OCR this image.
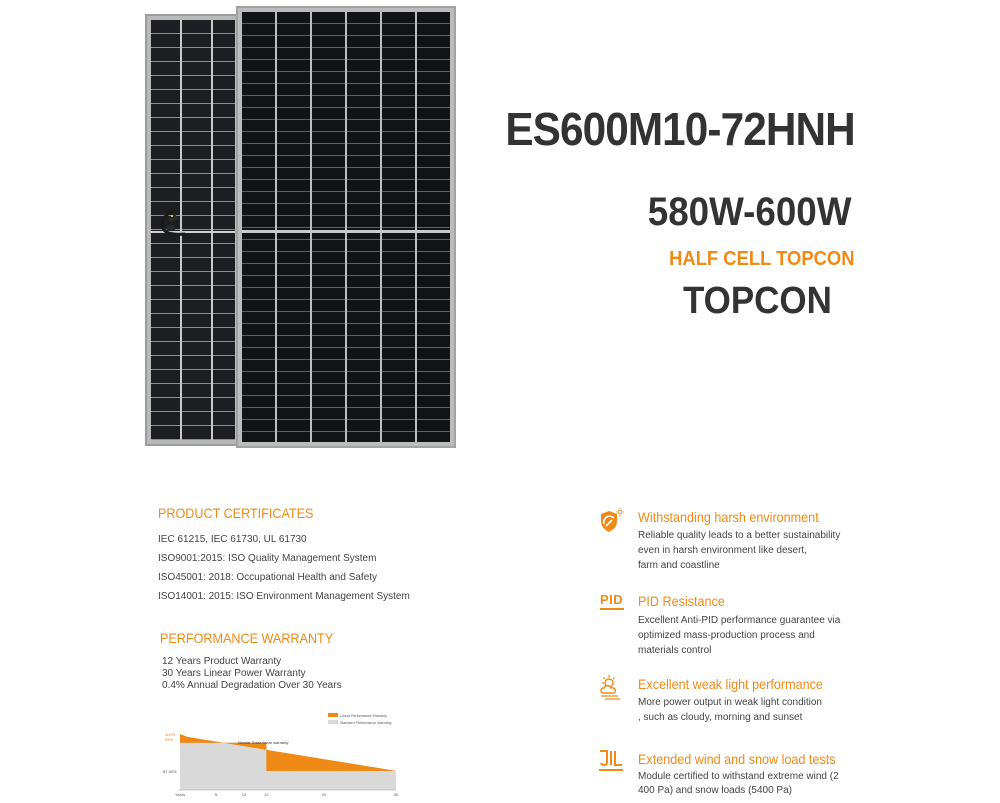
ES600M10-72HNH
580W-600W
HALF CELL TOPCON
TOPCON
PRODUCT CERTIFICATES
IEC 61215, IEC 61730, UL 61730
ISO9001:2015: ISO Quality Management System
ISO45001: 2018: Occupational Health and Safety
ISO14001: 2015: ISO Environment Management System
PERFORMANCE WARRANTY
12 Years Product Warranty
30 Years Linear Power Warranty
0.4% Annual Degradation Over 30 Years
100%
99%
87.40%
Years	5	10	12	20	30
Nivmar Solar linear warranty
Linear Performance Warranty
Standard Performance Warranty
Withstanding harsh environment
Reliable quality leads to a better sustainability
even in harsh environment like desert,
farm and coastline
PID PID Resistance
Excellent Anti-PID performance guarantee via
optimized mass-production process and
materials control
Excellent weak light performance
More power output in weak light condition
, such as cloudy, morning and sunset
Extended wind and snow load tests
Module certified to withstand extreme wind (2
400 Pa) and snow loads (5400 Pa)
